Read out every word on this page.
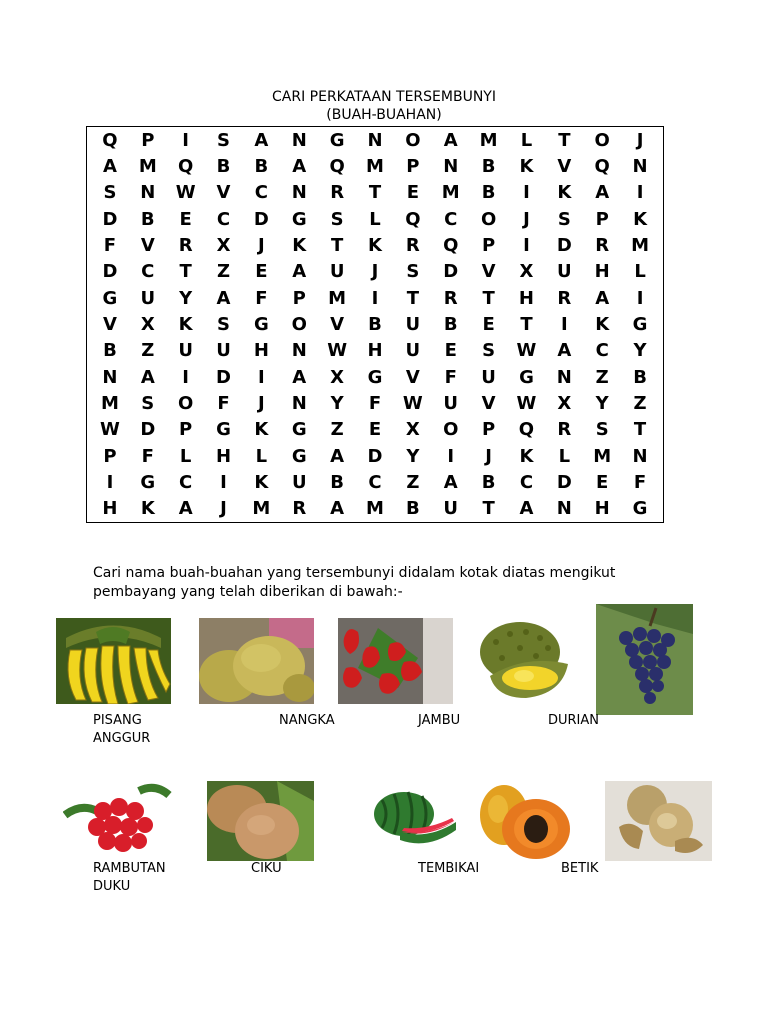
CARI PERKATAAN TERSEMBUNYI
(BUAH-BUAHAN)
Q	P	I	S	A	N	G	N	O	A	M	L	T	O	J
A	M	Q	B	B	A	Q	M	P	N	B	K	V	Q	N
S	N	W	V	C	N	R	T	E	M	B	I	K	A	I
D	B	E	C	D	G	S	L	Q	C	O	J	S	P	K
F	V	R	X	J	K	T	K	R	Q	P	I	D	R	M
D	C	T	Z	E	A	U	J	S	D	V	X	U	H	L
G	U	Y	A	F	P	M	I	T	R	T	H	R	A	I
V	X	K	S	G	O	V	B	U	B	E	T	I	K	G
B	Z	U	U	H	N	W	H	U	E	S	W	A	C	Y
N	A	I	D	I	A	X	G	V	F	U	G	N	Z	B
M	S	O	F	J	N	Y	F	W	U	V	W	X	Y	Z
W	D	P	G	K	G	Z	E	X	O	P	Q	R	S	T
P	F	L	H	L	G	A	D	Y	I	J	K	L	M	N
I	G	C	I	K	U	B	C	Z	A	B	C	D	E	F
H	K	A	J	M	R	A	M	B	U	T	A	N	H	G
Cari nama buah-buahan yang tersembunyi didalam kotak diatas mengikut pembayang yang telah diberikan di bawah:-
PISANG	NANGKA	JAMBU	DURIAN
ANGGUR
RAMBUTAN	CIKU	TEMBIKAI	BETIK
DUKU
